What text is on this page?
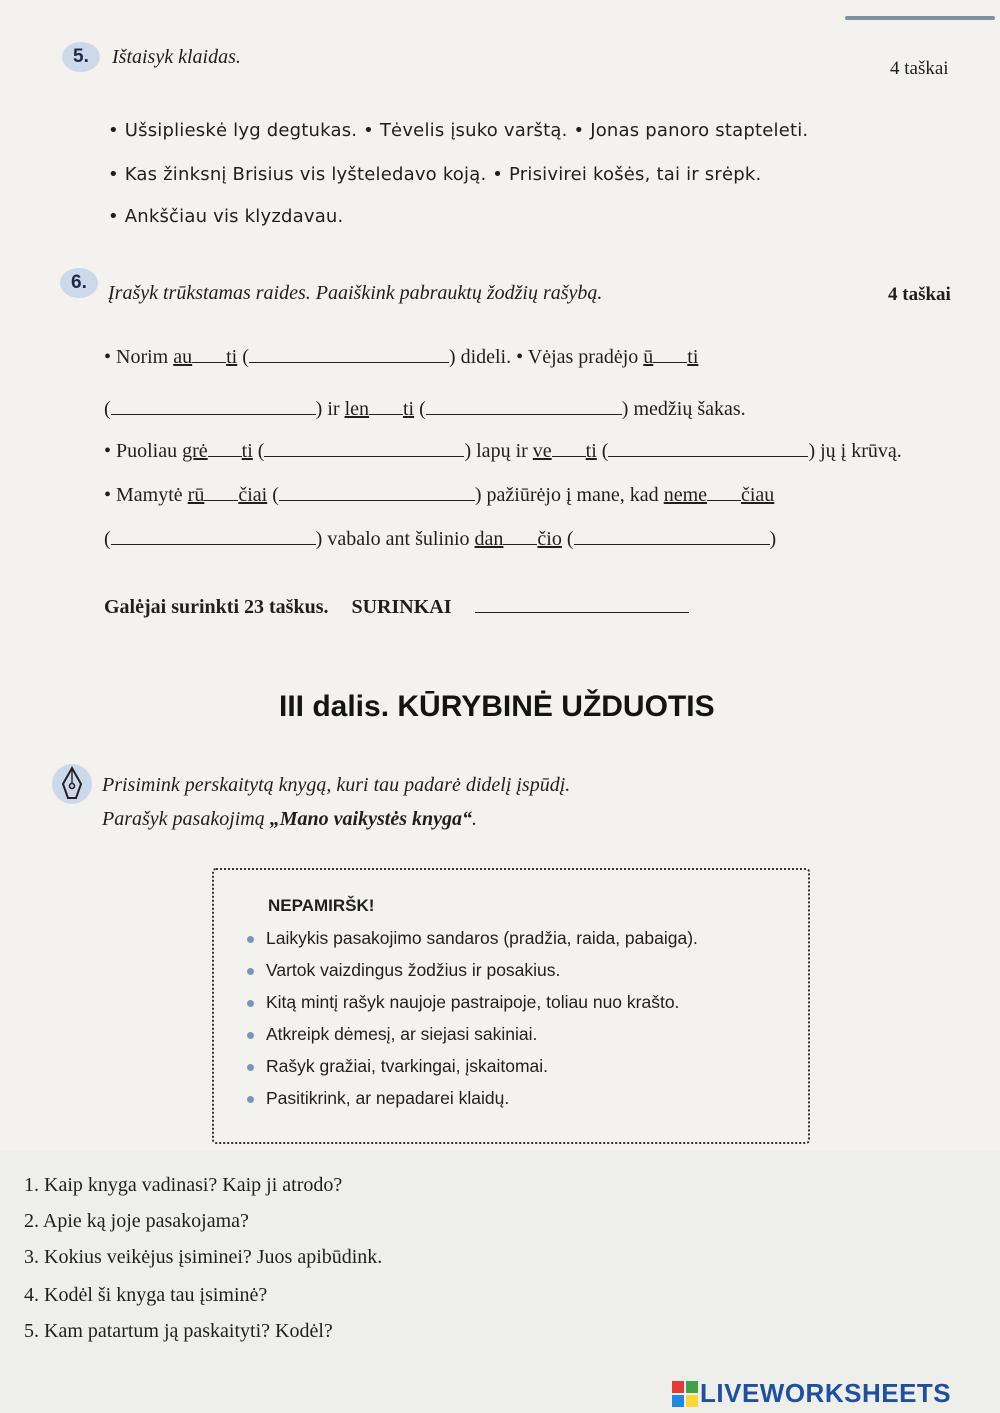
5. Ištaisyk klaidas.
4 taškai
• Ušsiplieskė lyg degtukas. • Tėvelis įsuko varštą. • Jonas panoro stapteleti.
• Kas žinksnį Brisius vis lyšteledavo koją. • Prisivirei košės, tai ir srėpk.
• Ankščiau vis klyzdavau.
6. Įrašyk trūkstamas raides. Paaiškink pabrauktų žodžių rašybą.	4 taškai
• Norim au ti (	) dideli. • Vėjas pradėjo ū ti
(	) ir len ti (	) medžių šakas.
• Puoliau grė ti (	) lapų ir ve ti (	) jų į krūvą.
• Mamytė rū čiai (	) pažiūrėjo į mane, kad neme čiau
(	) vabalo ant šulinio dan čio (	)
Galėjai surinkti 23 taškus. SURINKAI
III dalis. KŪRYBINĖ UŽDUOTIS
Prisimink perskaitytą knygą, kuri tau padarė didelį įspūdį.
Parašyk pasakojimą „Mano vaikystės knyga“.
NEPAMIRŠK!
Laikykis pasakojimo sandaros (pradžia, raida, pabaiga).
Vartok vaizdingus žodžius ir posakius.
Kitą mintį rašyk naujoje pastraipoje, toliau nuo krašto.
Atkreipk dėmesį, ar siejasi sakiniai.
Rašyk gražiai, tvarkingai, įskaitomai.
Pasitikrink, ar nepadarei klaidų.
1. Kaip knyga vadinasi? Kaip ji atrodo?
2. Apie ką joje pasakojama?
3. Kokius veikėjus įsiminei? Juos apibūdink.
4. Kodėl ši knyga tau įsiminė?
5. Kam patartum ją paskaityti? Kodėl?
LIVEWORKSHEETS
